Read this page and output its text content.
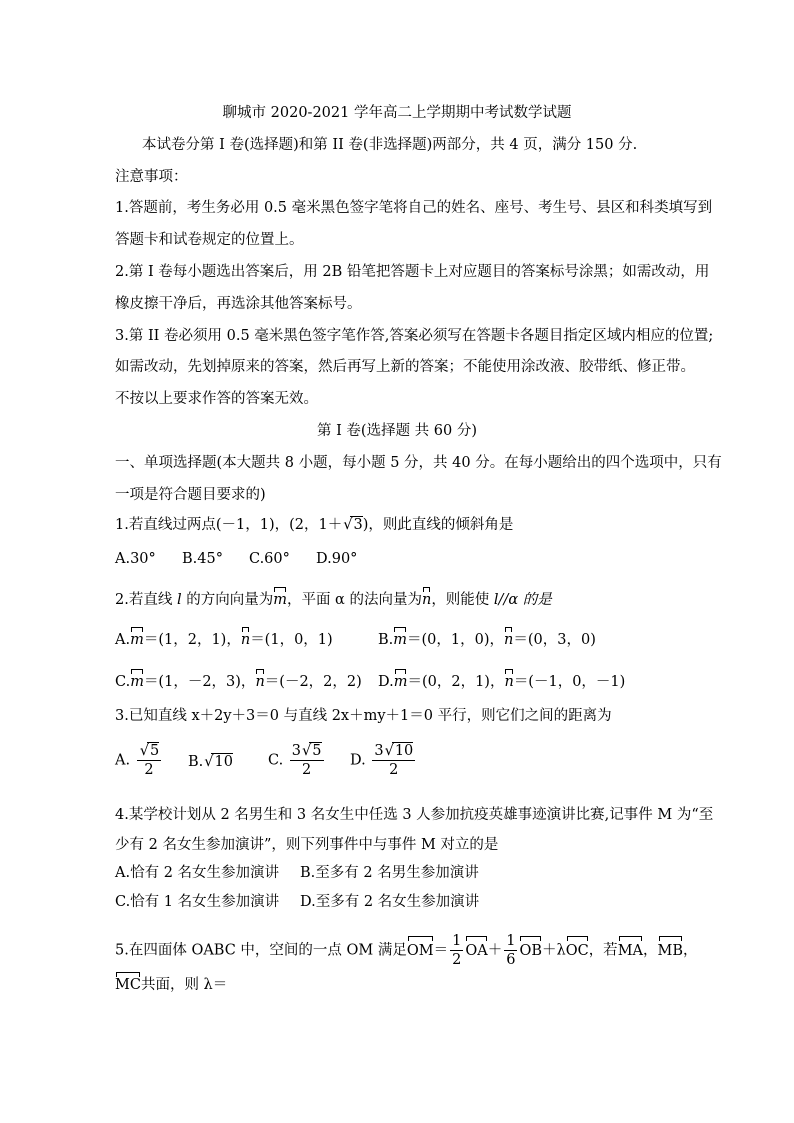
聊城市 2020-2021 学年高二上学期期中考试数学试题
本试卷分第 I 卷(选择题)和第 II 卷(非选择题)两部分，共 4 页，满分 150 分.
注意事项：
1.答题前，考生务必用 0.5 毫米黑色签字笔将自己的姓名、座号、考生号、县区和科类填写到
答题卡和试卷规定的位置上。
2.第 I 卷每小题选出答案后，用 2B 铅笔把答题卡上对应题目的答案标号涂黑；如需改动，用
橡皮擦干净后，再选涂其他答案标号。
3.第 II 卷必须用 0.5 毫米黑色签字笔作答,答案必须写在答题卡各题目指定区域内相应的位置;
如需改动，先划掉原来的答案，然后再写上新的答案；不能使用涂改液、胶带纸、修正带。
不按以上要求作答的答案无效。
第 I 卷(选择题 共 60 分)
一、单项选择题(本大题共 8 小题，每小题 5 分，共 40 分。在每小题给出的四个选项中，只有
一项是符合题目要求的)
1.若直线过两点(－1，1)，(2，1＋√ 3)，则此直线的倾斜角是
A.30° B.45° C.60° D.90°
2.若直线 l 的方向向量为m，平面 α 的法向量为n，则能使 l//α 的是
A.m＝(1，2，1)，n＝(1，0，1)	B.m＝(0，1，0)，n＝(0，3，0)
C.m＝(1，－2，3)，n＝(－2，2，2) D.m＝(0，2，1)，n＝(－1，0，－1)
3.已知直线 x＋2y＋3＝0 与直线 2x＋my＋1＝0 平行，则它们之间的距离为
A.
√ $\frac{5}{2} B.√$ 10 C. $\frac{3√ 5}{2} D$. $\frac{3√ 10}{2}$
4.某学校计划从 2 名男生和 3 名女生中任选 3 人参加抗疫英雄事迹演讲比赛,记事件 M 为“至
少有 2 名女生参加演讲”，则下列事件中与事件 M 对立的是
A.恰有 2 名女生参加演讲 B.至多有 2 名男生参加演讲
C.恰有 1 名女生参加演讲 D.至多有 2 名女生参加演讲
5.在四面体 OABC 中，空间的一点 OM 满足$OM= \frac{1}{2} OA+ \frac{1}{6} OB+\lambda OC$，若MA，MB，
MC共面，则 λ＝
